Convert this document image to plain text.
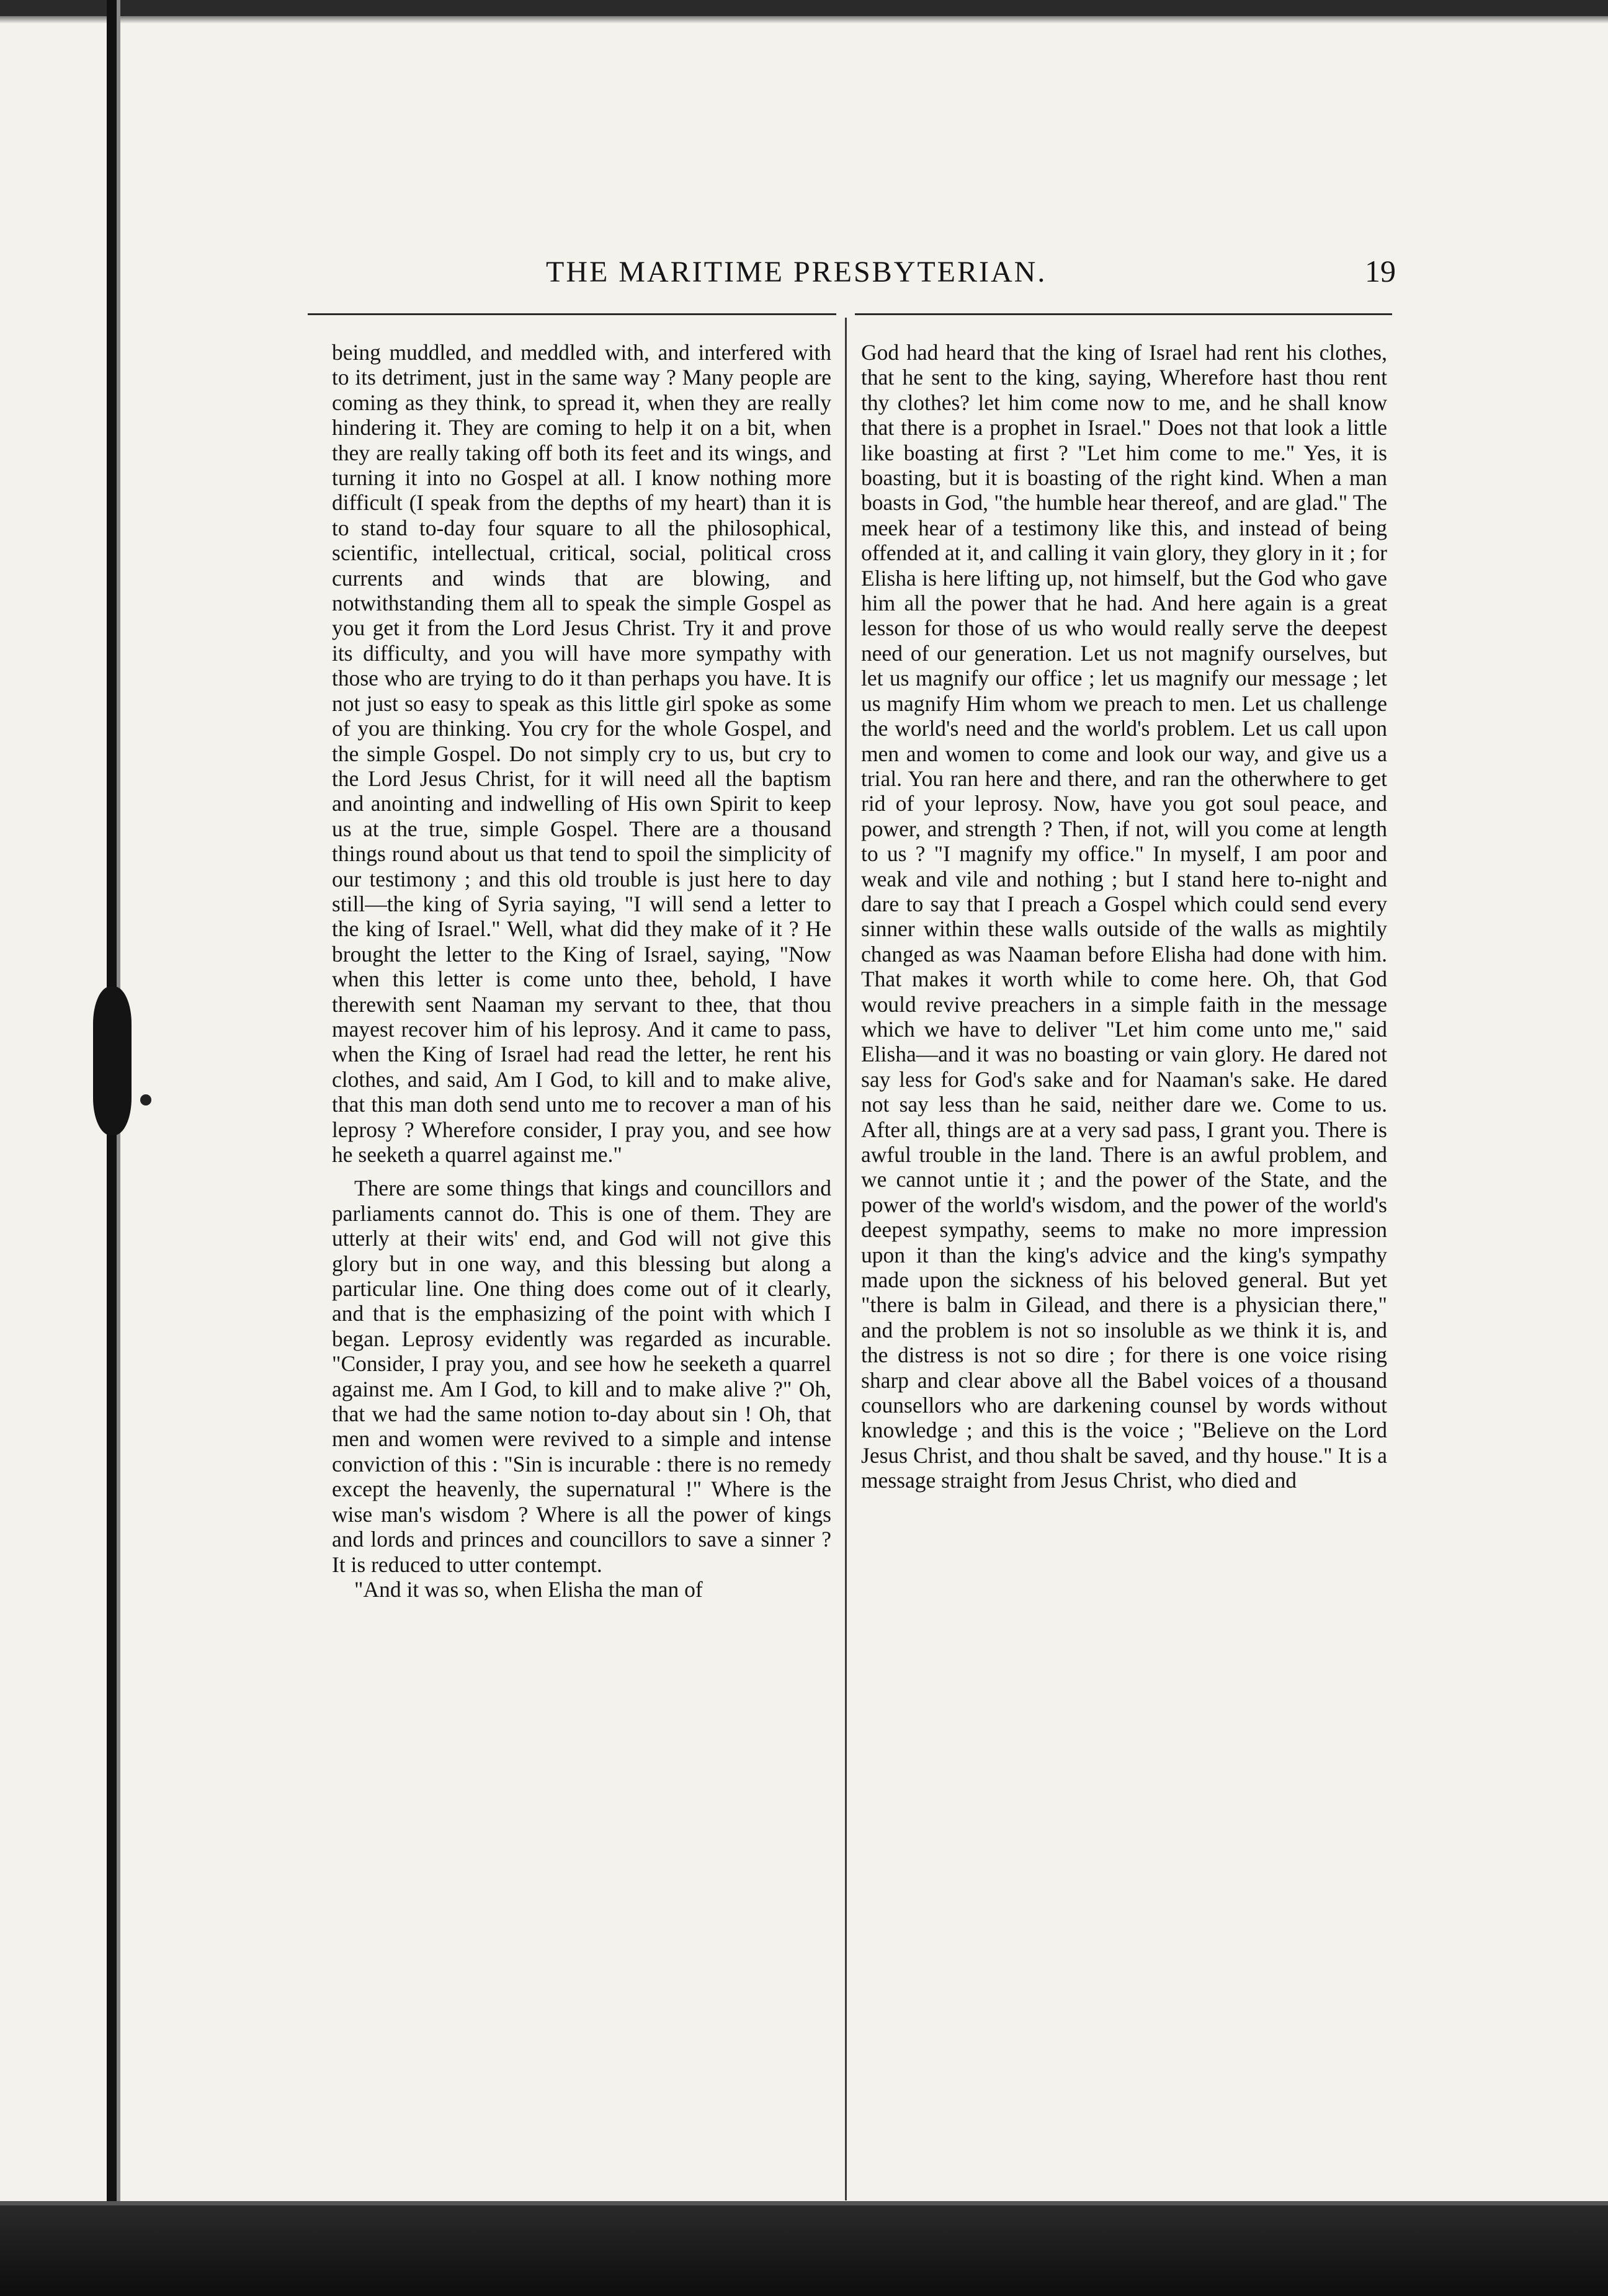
THE MARITIME PRESBYTERIAN.	19

being muddled, and meddled with, and interfered with to its detriment, just in the same way ? Many people are coming as they think, to spread it, when they are really hindering it. They are coming to help it on a bit, when they are really taking off both its feet and its wings, and turning it into no Gospel at all. I know nothing more difficult (I speak from the depths of my heart) than it is to stand to-day four square to all the philosophical, scientific, intellectual, critical, social, political cross currents and winds that are blowing, and notwithstanding them all to speak the simple Gospel as you get it from the Lord Jesus Christ. Try it and prove its difficulty, and you will have more sympathy with those who are trying to do it than perhaps you have. It is not just so easy to speak as this little girl spoke as some of you are thinking. You cry for the whole Gospel, and the simple Gospel. Do not simply cry to us, but cry to the Lord Jesus Christ, for it will need all the baptism and anointing and indwelling of His own Spirit to keep us at the true, simple Gospel. There are a thousand things round about us that tend to spoil the simplicity of our testimony ; and this old trouble is just here to day still—the king of Syria saying, "I will send a letter to the king of Israel." Well, what did they make of it ? He brought the letter to the King of Israel, saying, "Now when this letter is come unto thee, behold, I have therewith sent Naaman my servant to thee, that thou mayest recover him of his leprosy. And it came to pass, when the King of Israel had read the letter, he rent his clothes, and said, Am I God, to kill and to make alive, that this man doth send unto me to recover a man of his leprosy ? Wherefore consider, I pray you, and see how he seeketh a quarrel against me."

There are some things that kings and councillors and parliaments cannot do. This is one of them. They are utterly at their wits' end, and God will not give this glory but in one way, and this blessing but along a particular line. One thing does come out of it clearly, and that is the emphasizing of the point with which I began. Leprosy evidently was regarded as incurable. "Consider, I pray you, and see how he seeketh a quarrel against me. Am I God, to kill and to make alive ?" Oh, that we had the same notion to-day about sin ! Oh, that men and women were revived to a simple and intense conviction of this : "Sin is incurable : there is no remedy except the heavenly, the supernatural !" Where is the wise man's wisdom ? Where is all the power of kings and lords and princes and councillors to save a sinner ? It is reduced to utter contempt.

"And it was so, when Elisha the man of

God had heard that the king of Israel had rent his clothes, that he sent to the king, saying, Wherefore hast thou rent thy clothes? let him come now to me, and he shall know that there is a prophet in Israel." Does not that look a little like boasting at first ? "Let him come to me." Yes, it is boasting, but it is boasting of the right kind. When a man boasts in God, "the humble hear thereof, and are glad." The meek hear of a testimony like this, and instead of being offended at it, and calling it vain glory, they glory in it ; for Elisha is here lifting up, not himself, but the God who gave him all the power that he had. And here again is a great lesson for those of us who would really serve the deepest need of our generation. Let us not magnify ourselves, but let us magnify our office ; let us magnify our message ; let us magnify Him whom we preach to men. Let us challenge the world's need and the world's problem. Let us call upon men and women to come and look our way, and give us a trial. You ran here and there, and ran the otherwhere to get rid of your leprosy. Now, have you got soul peace, and power, and strength ? Then, if not, will you come at length to us ? "I magnify my office." In myself, I am poor and weak and vile and nothing ; but I stand here to-night and dare to say that I preach a Gospel which could send every sinner within these walls outside of the walls as mightily changed as was Naaman before Elisha had done with him. That makes it worth while to come here. Oh, that God would revive preachers in a simple faith in the message which we have to deliver "Let him come unto me," said Elisha—and it was no boasting or vain glory. He dared not say less for God's sake and for Naaman's sake. He dared not say less than he said, neither dare we. Come to us. After all, things are at a very sad pass, I grant you. There is awful trouble in the land. There is an awful problem, and we cannot untie it ; and the power of the State, and the power of the world's wisdom, and the power of the world's deepest sympathy, seems to make no more impression upon it than the king's advice and the king's sympathy made upon the sickness of his beloved general. But yet "there is balm in Gilead, and there is a physician there," and the problem is not so insoluble as we think it is, and the distress is not so dire ; for there is one voice rising sharp and clear above all the Babel voices of a thousand counsellors who are darkening counsel by words without knowledge ; and this is the voice ; "Believe on the Lord Jesus Christ, and thou shalt be saved, and thy house." It is a message straight from Jesus Christ, who died and
